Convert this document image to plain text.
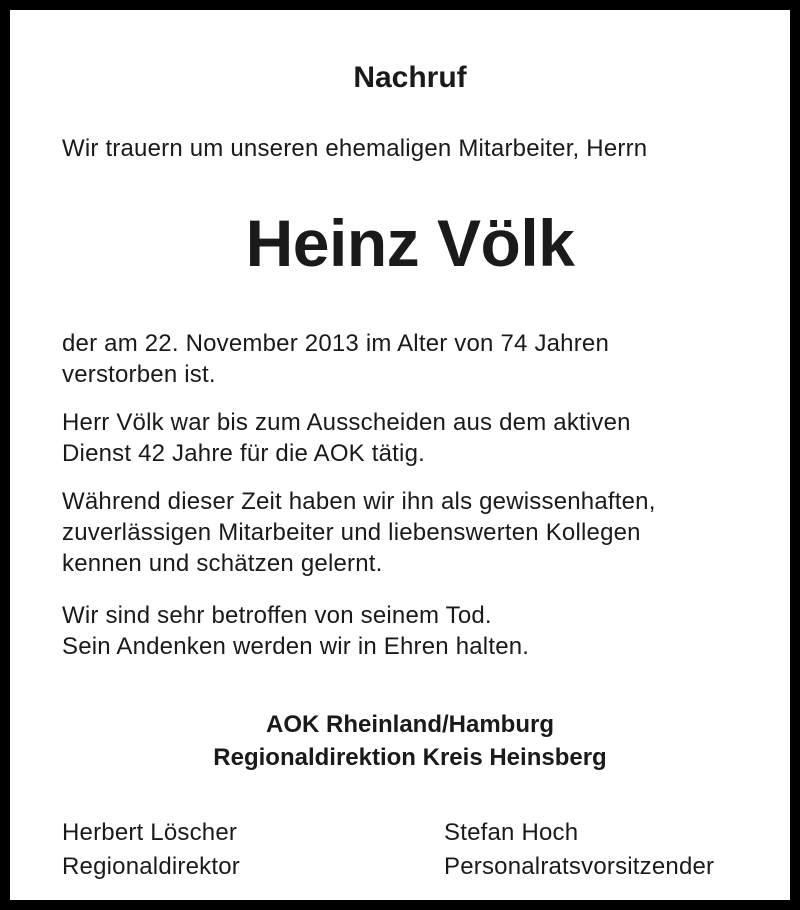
Nachruf
Wir trauern um unseren ehemaligen Mitarbeiter, Herrn
Heinz Völk
der am 22. November 2013 im Alter von 74 Jahren
verstorben ist.
Herr Völk war bis zum Ausscheiden aus dem aktiven
Dienst 42 Jahre für die AOK tätig.
Während dieser Zeit haben wir ihn als gewissenhaften,
zuverlässigen Mitarbeiter und liebenswerten Kollegen
kennen und schätzen gelernt.
Wir sind sehr betroffen von seinem Tod.
Sein Andenken werden wir in Ehren halten.
AOK Rheinland/Hamburg
Regionaldirektion Kreis Heinsberg
Herbert Löscher
Regionaldirektor
Stefan Hoch
Personalratsvorsitzender
